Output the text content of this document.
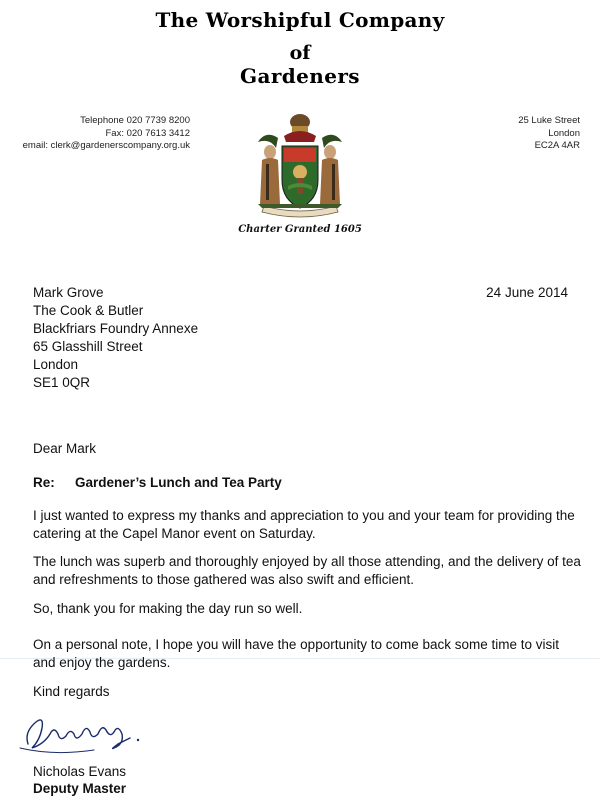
The Worshipful Company
of
Gardeners
Telephone 020 7739 8200
Fax: 020 7613 3412
email: clerk@gardenerscompany.org.uk
25 Luke Street
London
EC2A 4AR
Charter Granted 1605
Mark Grove
The Cook & Butler
Blackfriars Foundry Annexe
65 Glasshill Street
London
SE1 0QR
24 June 2014
Dear Mark
Re: Gardener’s Lunch and Tea Party
I just wanted to express my thanks and appreciation to you and your team for providing the catering at the Capel Manor event on Saturday.
The lunch was superb and thoroughly enjoyed by all those attending, and the delivery of tea and refreshments to those gathered was also swift and efficient.
So, thank you for making the day run so well.
On a personal note, I hope you will have the opportunity to come back some time to visit and enjoy the gardens.
Kind regards
Nicholas Evans
Deputy Master
